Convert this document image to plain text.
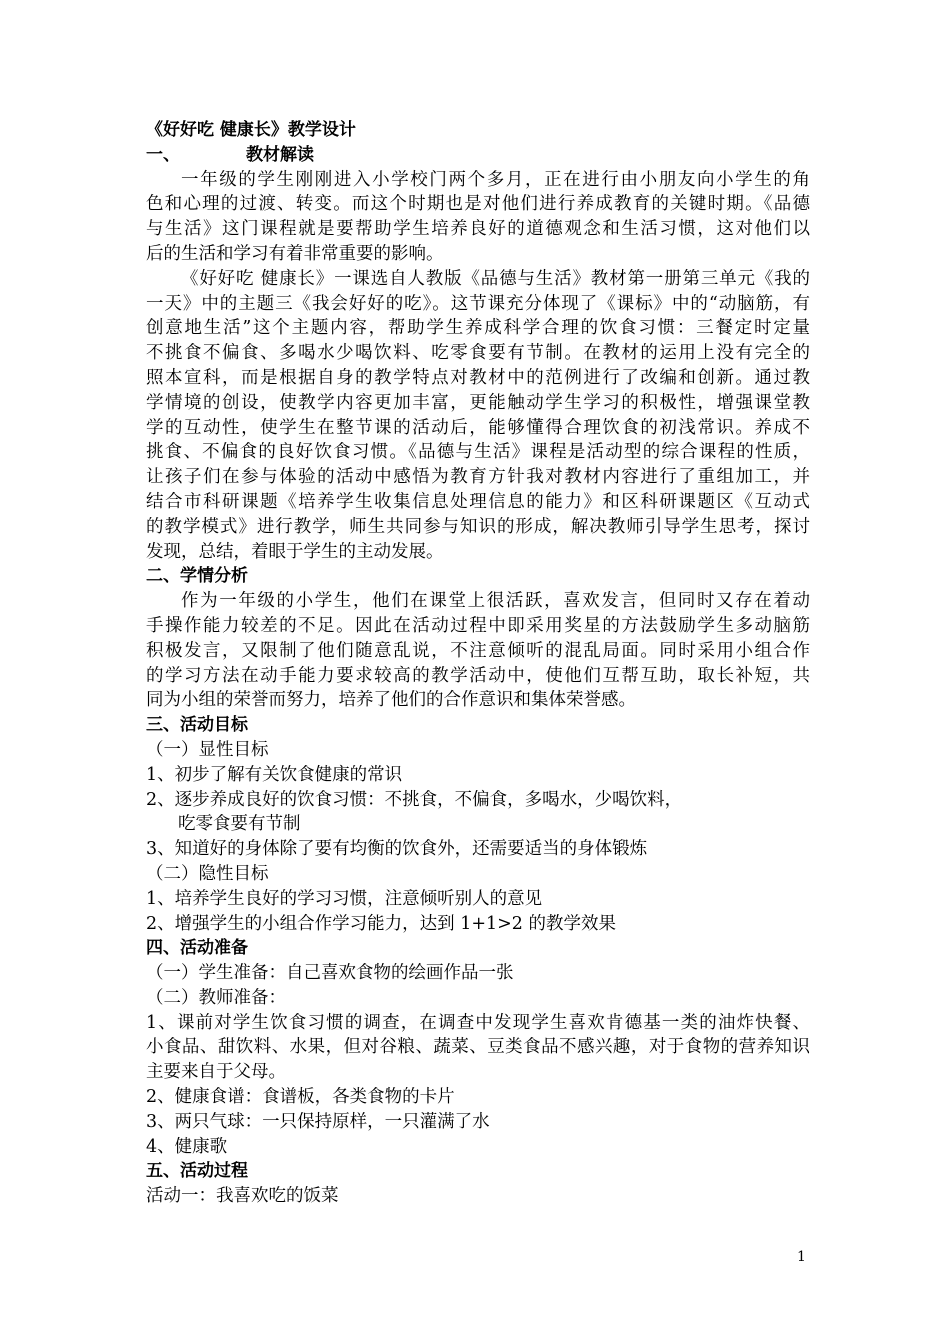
《好好吃 健康长》教学设计
一、	教材解读
一年级的学生刚刚进入小学校门两个多月，正在进行由小朋友向小学生的角
色和心理的过渡、转变。而这个时期也是对他们进行养成教育的关键时期。《品德
与生活》这门课程就是要帮助学生培养良好的道德观念和生活习惯，这对他们以
后的生活和学习有着非常重要的影响。
《好好吃 健康长》一课选自人教版《品德与生活》教材第一册第三单元《我的
一天》中的主题三《我会好好的吃》。这节课充分体现了《课标》中的“动脑筋，有
创意地生活”这个主题内容，帮助学生养成科学合理的饮食习惯：三餐定时定量
不挑食不偏食、多喝水少喝饮料、吃零食要有节制。在教材的运用上没有完全的
照本宣科，而是根据自身的教学特点对教材中的范例进行了改编和创新。通过教
学情境的创设，使教学内容更加丰富，更能触动学生学习的积极性，增强课堂教
学的互动性，使学生在整节课的活动后，能够懂得合理饮食的初浅常识。养成不
挑食、不偏食的良好饮食习惯。《品德与生活》课程是活动型的综合课程的性质，
让孩子们在参与体验的活动中感悟为教育方针我对教材内容进行了重组加工，并
结合市科研课题《培养学生收集信息处理信息的能力》和区科研课题区《互动式
的教学模式》进行教学，师生共同参与知识的形成，解决教师引导学生思考，探讨
发现，总结，着眼于学生的主动发展。
二、学情分析
作为一年级的小学生，他们在课堂上很活跃，喜欢发言，但同时又存在着动
手操作能力较差的不足。因此在活动过程中即采用奖星的方法鼓励学生多动脑筋
积极发言，又限制了他们随意乱说，不注意倾听的混乱局面。同时采用小组合作
的学习方法在动手能力要求较高的教学活动中，使他们互帮互助，取长补短，共
同为小组的荣誉而努力，培养了他们的合作意识和集体荣誉感。
三、活动目标
（一）显性目标
1、初步了解有关饮食健康的常识
2、逐步养成良好的饮食习惯：不挑食，不偏食，多喝水，少喝饮料，
吃零食要有节制
3、知道好的身体除了要有均衡的饮食外，还需要适当的身体锻炼
（二）隐性目标
1、培养学生良好的学习习惯，注意倾听别人的意见
2、增强学生的小组合作学习能力，达到 1+1>2 的教学效果
四、活动准备
（一）学生准备：自己喜欢食物的绘画作品一张
（二）教师准备：
1、课前对学生饮食习惯的调查，在调查中发现学生喜欢肯德基一类的油炸快餐、
小食品、甜饮料、水果，但对谷粮、蔬菜、豆类食品不感兴趣，对于食物的营养知识
主要来自于父母。
2、健康食谱：食谱板，各类食物的卡片
3、两只气球：一只保持原样，一只灌满了水
4、健康歌
五、活动过程
活动一：我喜欢吃的饭菜
1
